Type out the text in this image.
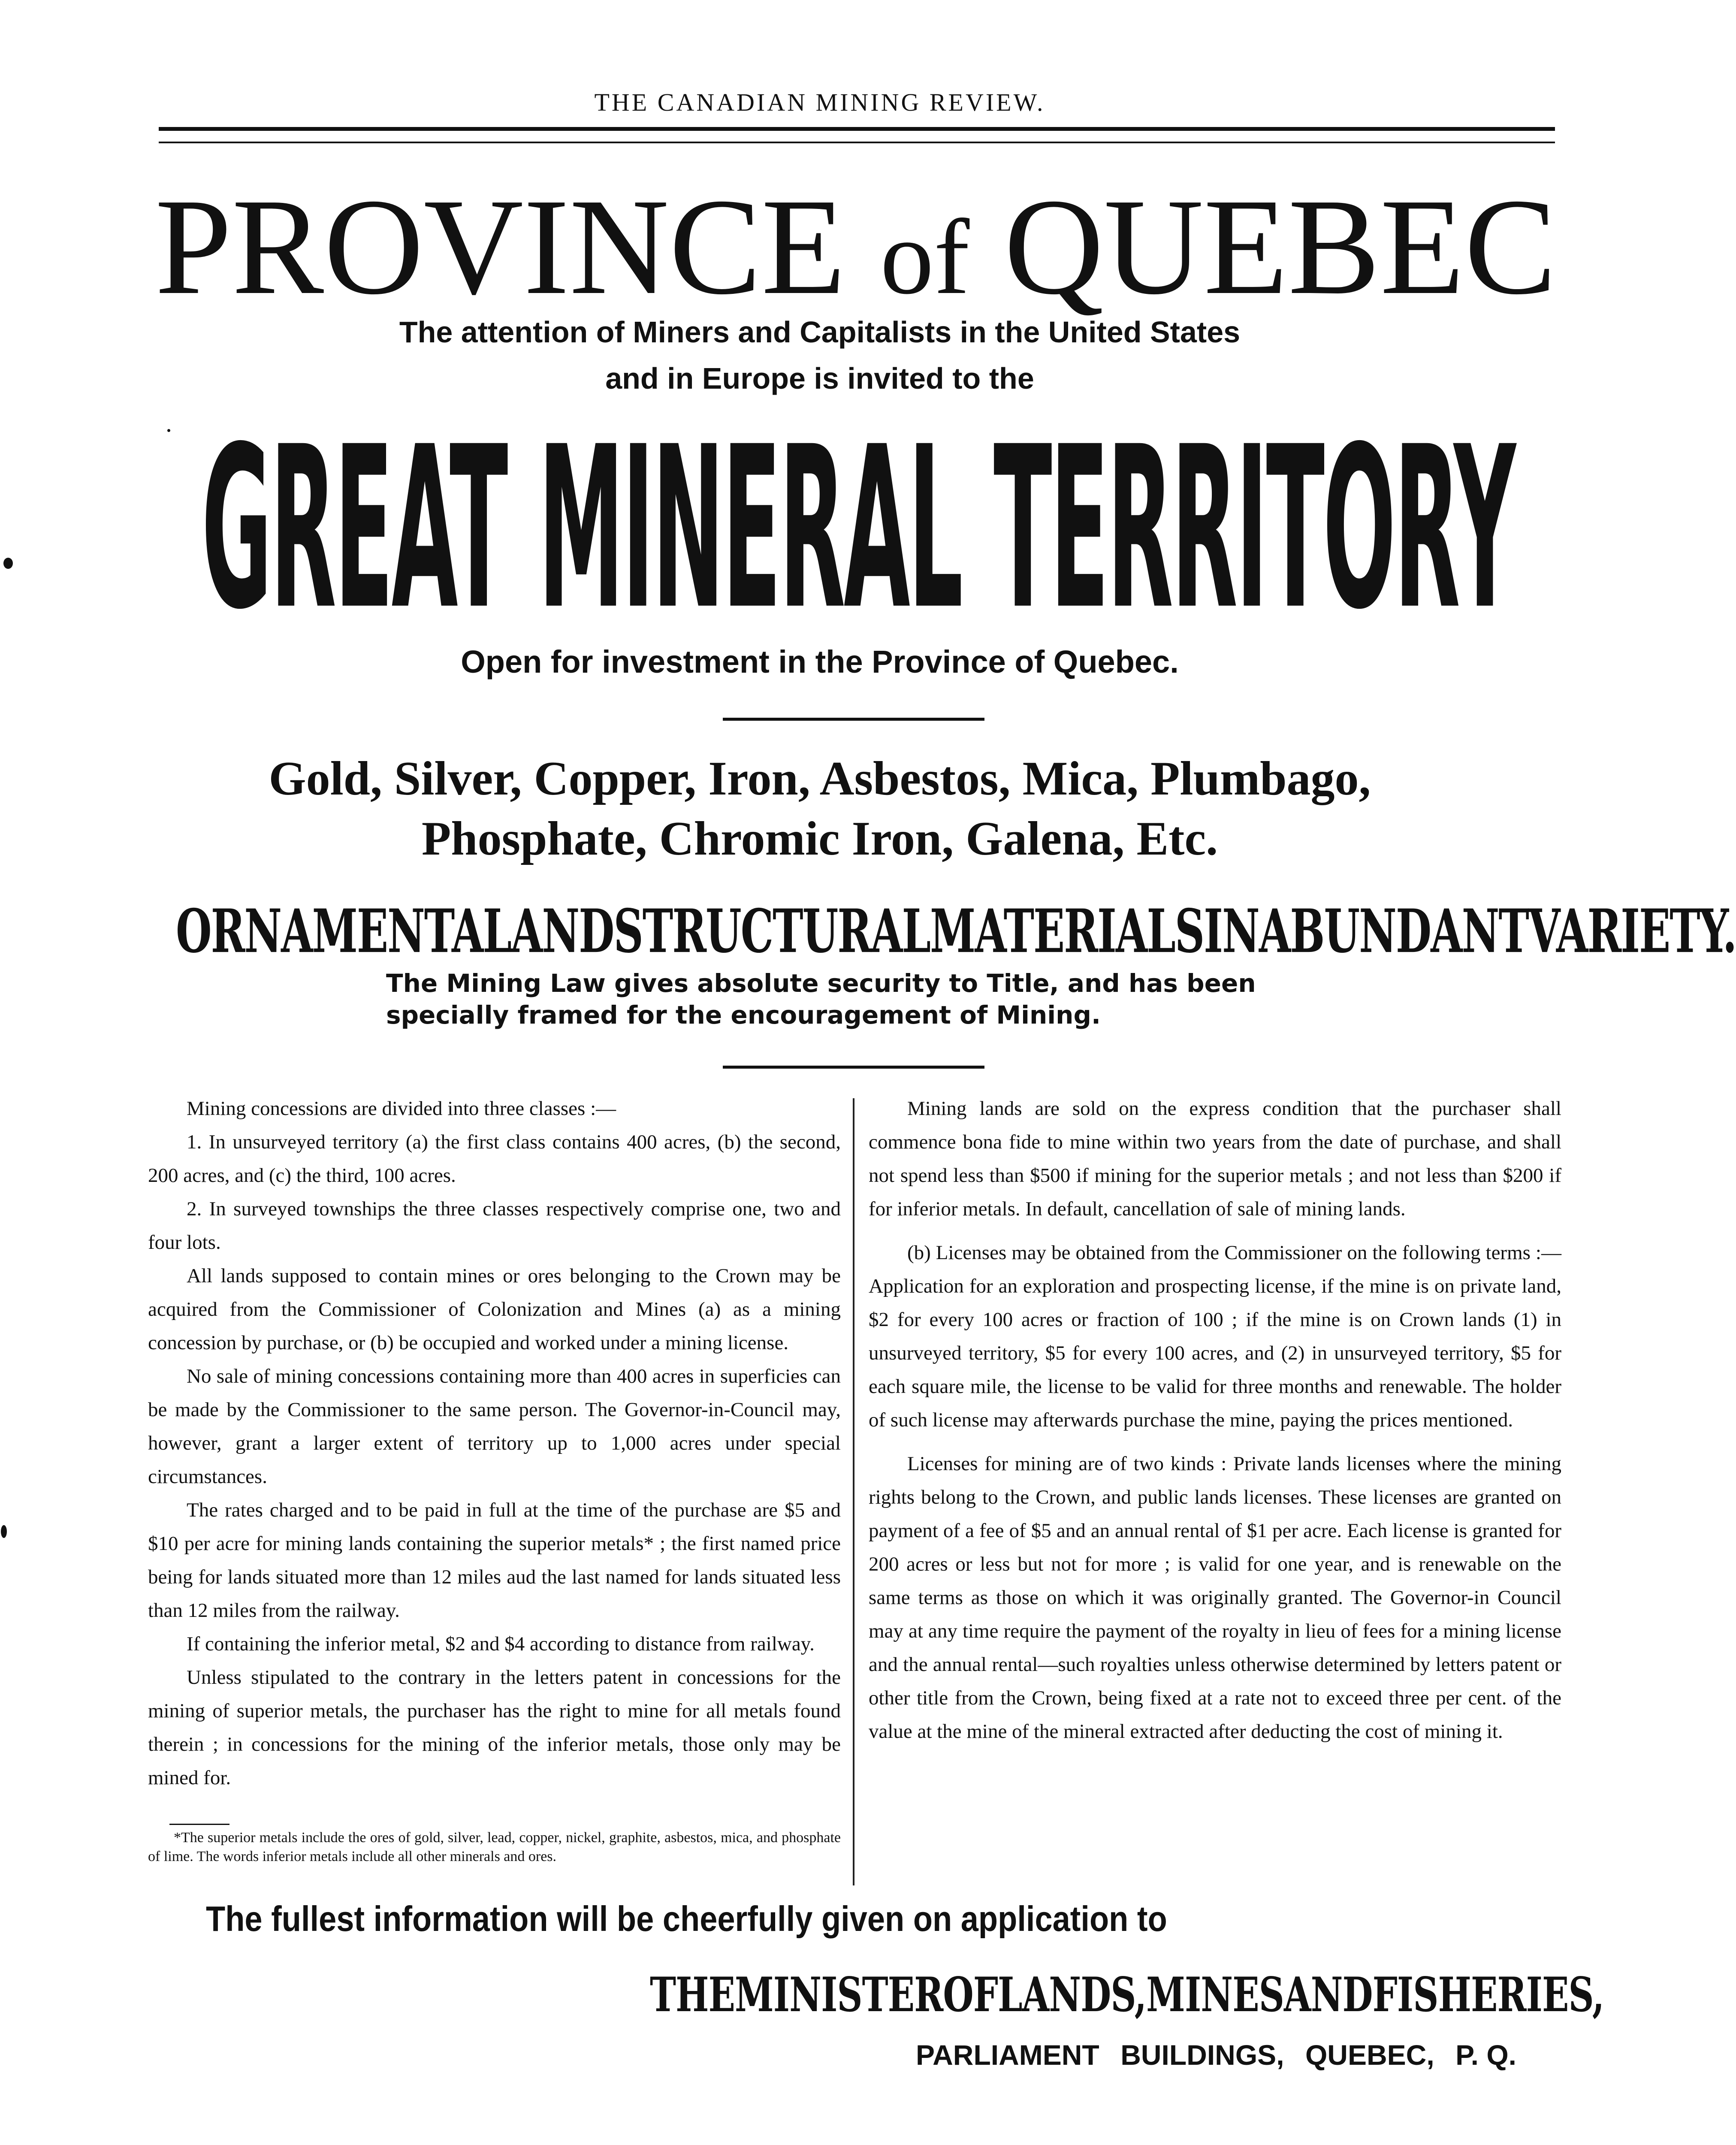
THE CANADIAN MINING REVIEW.
PROVINCE of QUEBEC
The attention of Miners and Capitalists in the United States
and in Europe is invited to the
GREAT MINERAL TERRITORY
Open for investment in the Province of Quebec.
Gold, Silver, Copper, Iron, Asbestos, Mica, Plumbago,
Phosphate, Chromic Iron, Galena, Etc.
ORNAMENTAL AND STRUCTURAL MATERIALS IN ABUNDANT VARIETY.
The Mining Law gives absolute security to Title, and has been
specially framed for the encouragement of Mining.

Mining concessions are divided into three classes :—

1. In unsurveyed territory (a) the first class contains 400 acres, (b) the second, 200 acres, and (c) the third, 100 acres.

2. In surveyed townships the three classes respectively comprise one, two and four lots.

All lands supposed to contain mines or ores belonging to the Crown may be acquired from the Commissioner of Colonization and Mines (a) as a mining concession by purchase, or (b) be occupied and worked under a mining license.

No sale of mining concessions containing more than 400 acres in superficies can be made by the Commissioner to the same person. The Governor-in-Council may, however, grant a larger extent of territory up to 1,000 acres under special circumstances.

The rates charged and to be paid in full at the time of the purchase are $5 and $10 per acre for mining lands containing the superior metals* ; the first named price being for lands situated more than 12 miles aud the last named for lands situated less than 12 miles from the railway.

If containing the inferior metal, $2 and $4 according to distance from railway.

Unless stipulated to the contrary in the letters patent in concessions for the mining of superior metals, the purchaser has the right to mine for all metals found therein ; in concessions for the mining of the inferior metals, those only may be mined for.

*The superior metals include the ores of gold, silver, lead, copper, nickel, graphite, asbestos, mica, and phosphate of lime. The words inferior metals include all other minerals and ores.

Mining lands are sold on the express condition that the purchaser shall commence bona fide to mine within two years from the date of purchase, and shall not spend less than $500 if mining for the superior metals ; and not less than $200 if for inferior metals. In default, cancellation of sale of mining lands.

(b) Licenses may be obtained from the Commissioner on the following terms :—Application for an exploration and prospecting license, if the mine is on private land, $2 for every 100 acres or fraction of 100 ; if the mine is on Crown lands (1) in unsurveyed territory, $5 for every 100 acres, and (2) in unsurveyed territory, $5 for each square mile, the license to be valid for three months and renewable. The holder of such license may afterwards purchase the mine, paying the prices mentioned.

Licenses for mining are of two kinds : Private lands licenses where the mining rights belong to the Crown, and public lands licenses. These licenses are granted on payment of a fee of $5 and an annual rental of $1 per acre. Each license is granted for 200 acres or less but not for more ; is valid for one year, and is renewable on the same terms as those on which it was originally granted. The Governor-in Council may at any time require the payment of the royalty in lieu of fees for a mining license and the annual rental—such royalties unless otherwise determined by letters patent or other title from the Crown, being fixed at a rate not to exceed three per cent. of the value at the mine of the mineral extracted after deducting the cost of mining it.

The fullest information will be cheerfully given on application to
THE MINISTER OF LANDS, MINES AND FISHERIES,
PARLIAMENT BUILDINGS, QUEBEC, P. Q.
